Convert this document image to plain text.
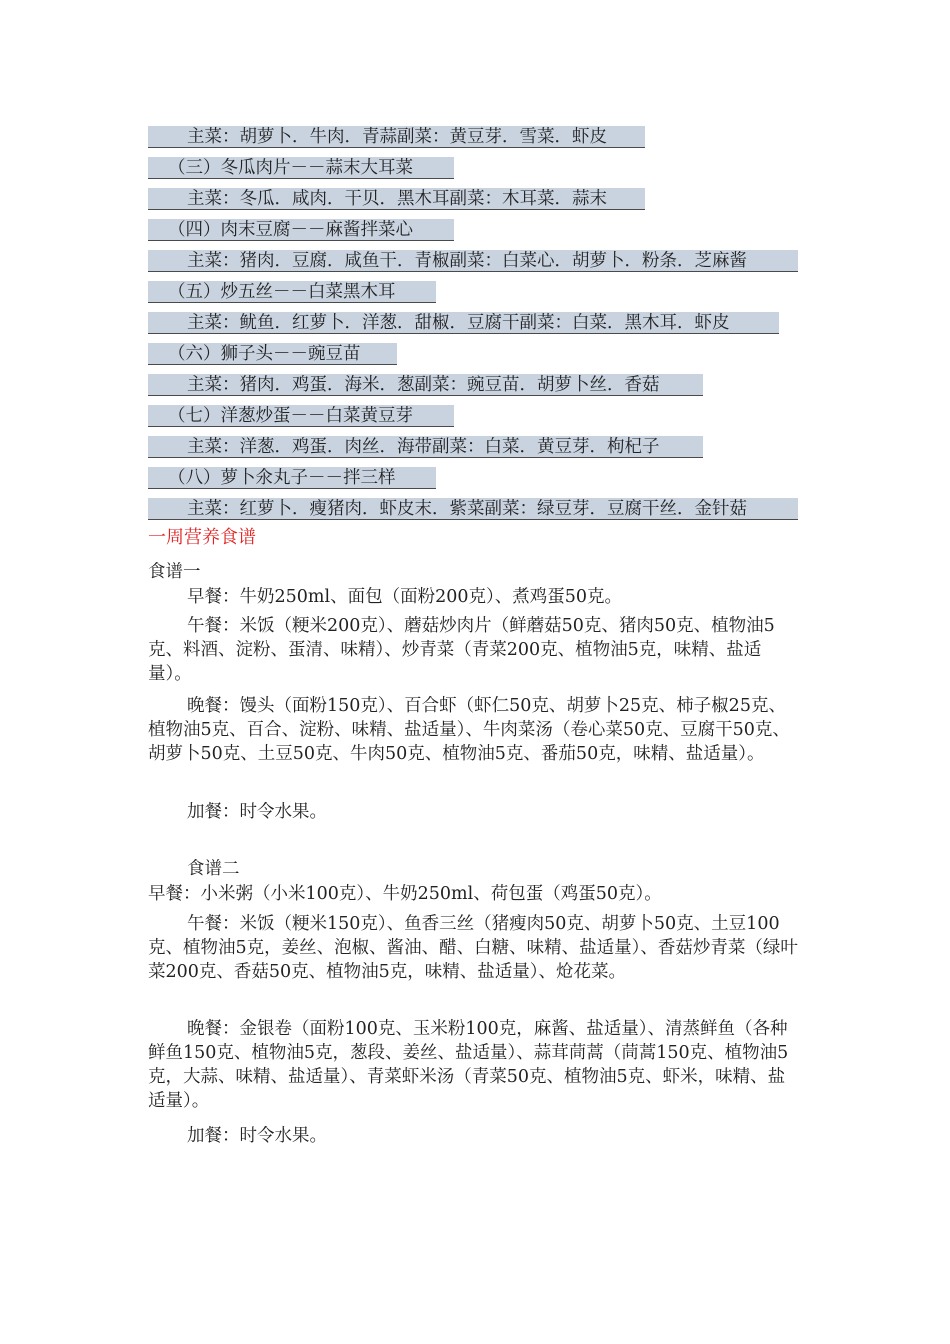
主菜：胡萝卜．牛肉．青蒜副菜：黄豆芽．雪菜．虾皮
（三）冬瓜肉片－－蒜末大耳菜
主菜：冬瓜．咸肉．干贝．黑木耳副菜：木耳菜．蒜末
（四）肉末豆腐－－麻酱拌菜心
主菜：猪肉．豆腐．咸鱼干．青椒副菜：白菜心．胡萝卜．粉条．芝麻酱
（五）炒五丝－－白菜黑木耳
主菜：鱿鱼．红萝卜．洋葱．甜椒．豆腐干副菜：白菜．黑木耳．虾皮
（六）狮子头－－豌豆苗
主菜：猪肉．鸡蛋．海米．葱副菜：豌豆苗．胡萝卜丝．香菇
（七）洋葱炒蛋－－白菜黄豆芽
主菜：洋葱．鸡蛋．肉丝．海带副菜：白菜．黄豆芽．枸杞子
（八）萝卜氽丸子－－拌三样
主菜：红萝卜．瘦猪肉．虾皮末．紫菜副菜：绿豆芽．豆腐干丝．金针菇
一周营养食谱
食谱一
早餐：牛奶250ml、面包（面粉200克）、煮鸡蛋50克。
午餐：米饭（粳米200克）、蘑菇炒肉片（鲜蘑菇50克、猪肉50克、植物油5克、料酒、淀粉、蛋清、味精）、炒青菜（青菜200克、植物油5克，味精、盐适量）。
晚餐：馒头（面粉150克）、百合虾（虾仁50克、胡萝卜25克、柿子椒25克、植物油5克、百合、淀粉、味精、盐适量）、牛肉菜汤（卷心菜50克、豆腐干50克、胡萝卜50克、土豆50克、牛肉50克、植物油5克、番茄50克，味精、盐适量）。
加餐：时令水果。
食谱二
早餐：小米粥（小米100克）、牛奶250ml、荷包蛋（鸡蛋50克）。
午餐：米饭（粳米150克）、鱼香三丝（猪瘦肉50克、胡萝卜50克、土豆100克、植物油5克，姜丝、泡椒、酱油、醋、白糖、味精、盐适量）、香菇炒青菜（绿叶菜200克、香菇50克、植物油5克，味精、盐适量）、炝花菜。
晚餐：金银卷（面粉100克、玉米粉100克，麻酱、盐适量）、清蒸鲜鱼（各种鲜鱼150克、植物油5克，葱段、姜丝、盐适量）、蒜茸茼蒿（茼蒿150克、植物油5克，大蒜、味精、盐适量）、青菜虾米汤（青菜50克、植物油5克、虾米，味精、盐适量）。
加餐：时令水果。
